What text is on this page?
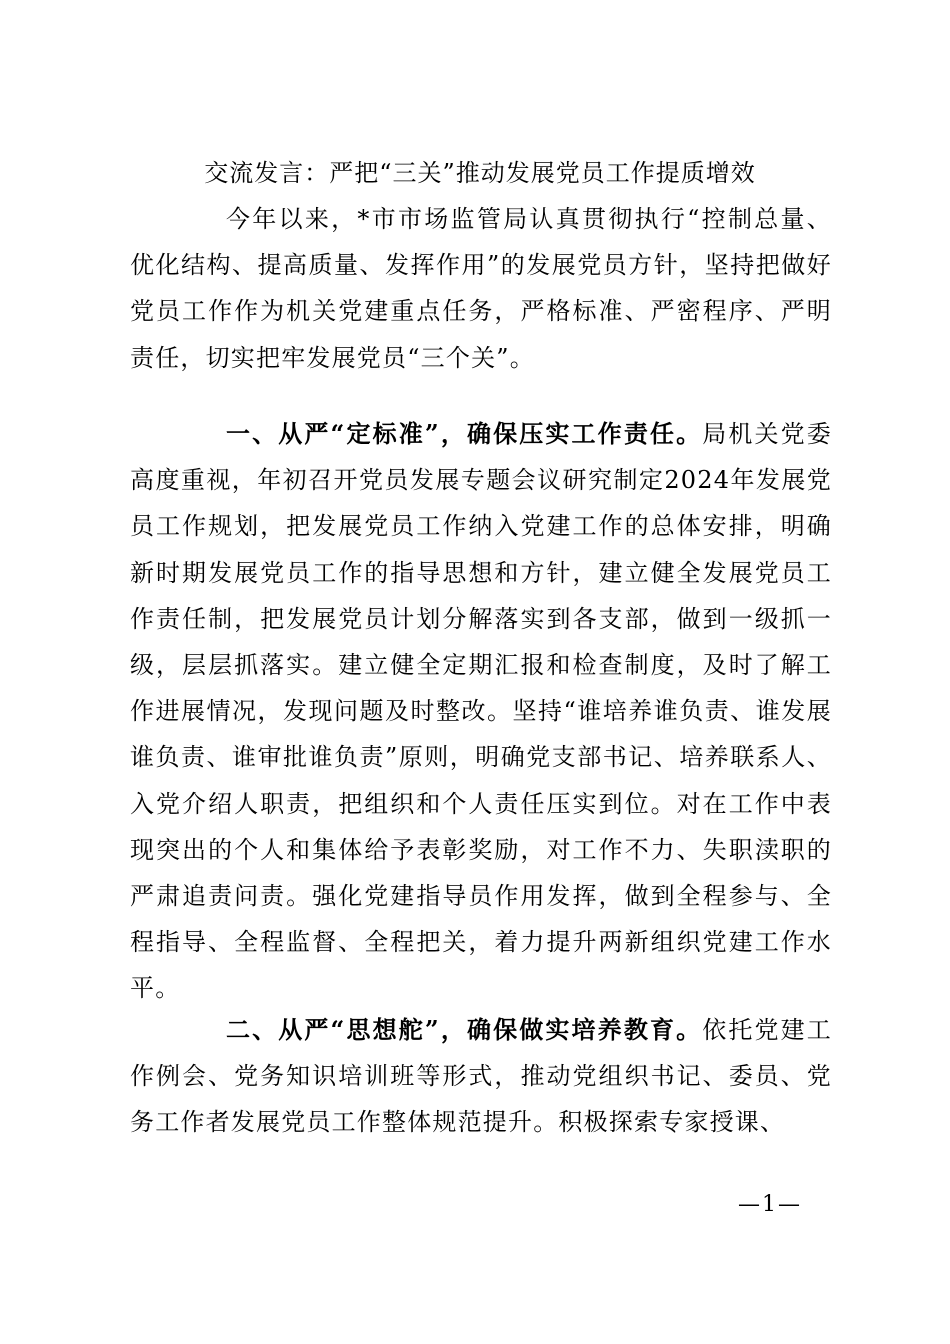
交流发言：严把“三关”推动发展党员工作提质增效

今年以来，*市市场监管局认真贯彻执行“控制总量、优化结构、提高质量、发挥作用”的发展党员方针，坚持把做好党员工作作为机关党建重点任务，严格标准、严密程序、严明责任，切实把牢发展党员“三个关”。

一、从严“定标准”，确保压实工作责任。局机关党委高度重视，年初召开党员发展专题会议研究制定2024年发展党员工作规划，把发展党员工作纳入党建工作的总体安排，明确新时期发展党员工作的指导思想和方针，建立健全发展党员工作责任制，把发展党员计划分解落实到各支部，做到一级抓一级，层层抓落实。建立健全定期汇报和检查制度，及时了解工作进展情况，发现问题及时整改。坚持“谁培养谁负责、谁发展谁负责、谁审批谁负责”原则，明确党支部书记、培养联系人、入党介绍人职责，把组织和个人责任压实到位。对在工作中表现突出的个人和集体给予表彰奖励，对工作不力、失职渎职的严肃追责问责。强化党建指导员作用发挥，做到全程参与、全程指导、全程监督、全程把关，着力提升两新组织党建工作水平。

二、从严“思想舵”，确保做实培养教育。依托党建工作例会、党务知识培训班等形式，推动党组织书记、委员、党务工作者发展党员工作整体规范提升。积极探索专家授课、

—1—
